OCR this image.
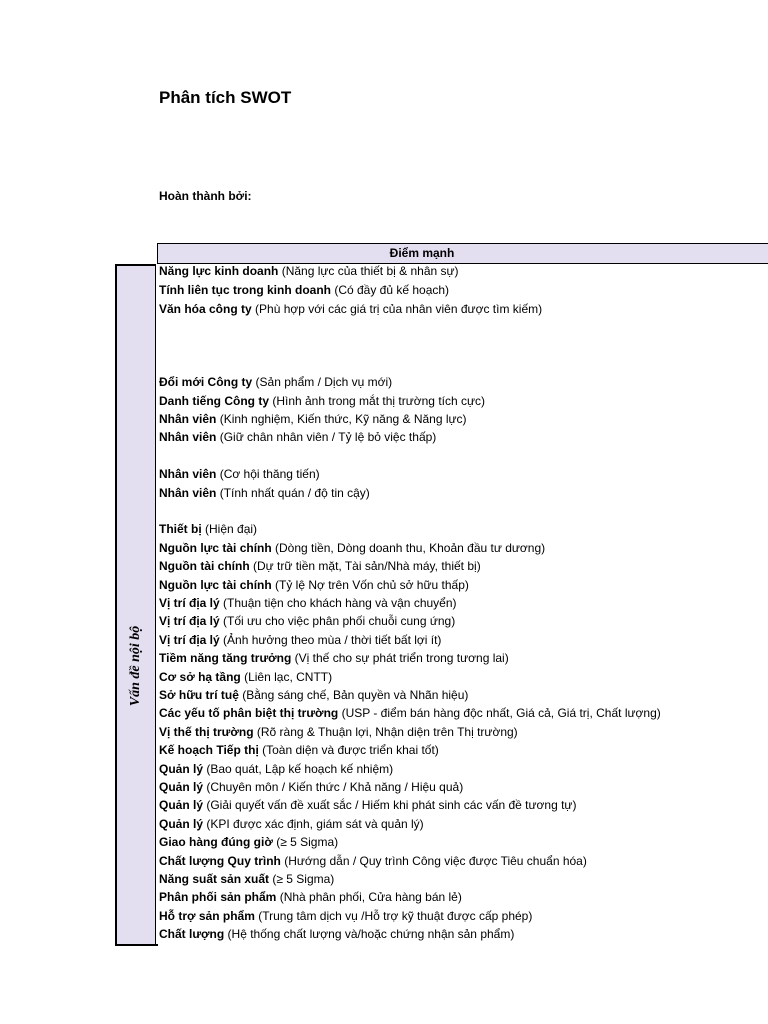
Phân tích SWOT
Hoàn thành bởi:
Điểm mạnh
Vấn đề nội bộ
Năng lực kinh doanh (Năng lực của thiết bị & nhân sự)
Tính liên tục trong kinh doanh (Có đầy đủ kế hoạch)
Văn hóa công ty (Phù hợp với các giá trị của nhân viên được tìm kiếm)
Đổi mới Công ty (Sản phẩm / Dịch vụ mới)
Danh tiếng Công ty (Hình ảnh trong mắt thị trường tích cực)
Nhân viên (Kinh nghiệm, Kiến thức, Kỹ năng & Năng lực)
Nhân viên (Giữ chân nhân viên / Tỷ lệ bỏ việc thấp)
Nhân viên (Cơ hội thăng tiến)
Nhân viên (Tính nhất quán / độ tin cậy)
Thiết bị (Hiện đại)
Nguồn lực tài chính (Dòng tiền, Dòng doanh thu, Khoản đầu tư dương)
Nguồn tài chính (Dự trữ tiền mặt, Tài sản/Nhà máy, thiết bị)
Nguồn lực tài chính (Tỷ lệ Nợ trên Vốn chủ sở hữu thấp)
Vị trí địa lý (Thuận tiện cho khách hàng và vận chuyển)
Vị trí địa lý (Tối ưu cho việc phân phối chuỗi cung ứng)
Vị trí địa lý (Ảnh hưởng theo mùa / thời tiết bất lợi ít)
Tiềm năng tăng trưởng (Vị thế cho sự phát triển trong tương lai)
Cơ sở hạ tầng (Liên lạc, CNTT)
Sở hữu trí tuệ (Bằng sáng chế, Bản quyền và Nhãn hiệu)
Các yếu tố phân biệt thị trường (USP - điểm bán hàng độc nhất, Giá cả, Giá trị, Chất lượng)
Vị thế thị trường (Rõ ràng & Thuận lợi, Nhận diện trên Thị trường)
Kế hoạch Tiếp thị (Toàn diện và được triển khai tốt)
Quản lý (Bao quát, Lập kế hoạch kế nhiệm)
Quản lý (Chuyên môn / Kiến thức / Khả năng / Hiệu quả)
Quản lý (Giải quyết vấn đề xuất sắc / Hiếm khi phát sinh các vấn đề tương tự)
Quản lý (KPI được xác định, giám sát và quản lý)
Giao hàng đúng giờ (≥ 5 Sigma)
Chất lượng Quy trình (Hướng dẫn / Quy trình Công việc được Tiêu chuẩn hóa)
Năng suất sản xuất (≥ 5 Sigma)
Phân phối sản phẩm (Nhà phân phối, Cửa hàng bán lẻ)
Hỗ trợ sản phẩm (Trung tâm dịch vụ /Hỗ trợ kỹ thuật được cấp phép)
Chất lượng (Hệ thống chất lượng và/hoặc chứng nhận sản phẩm)
